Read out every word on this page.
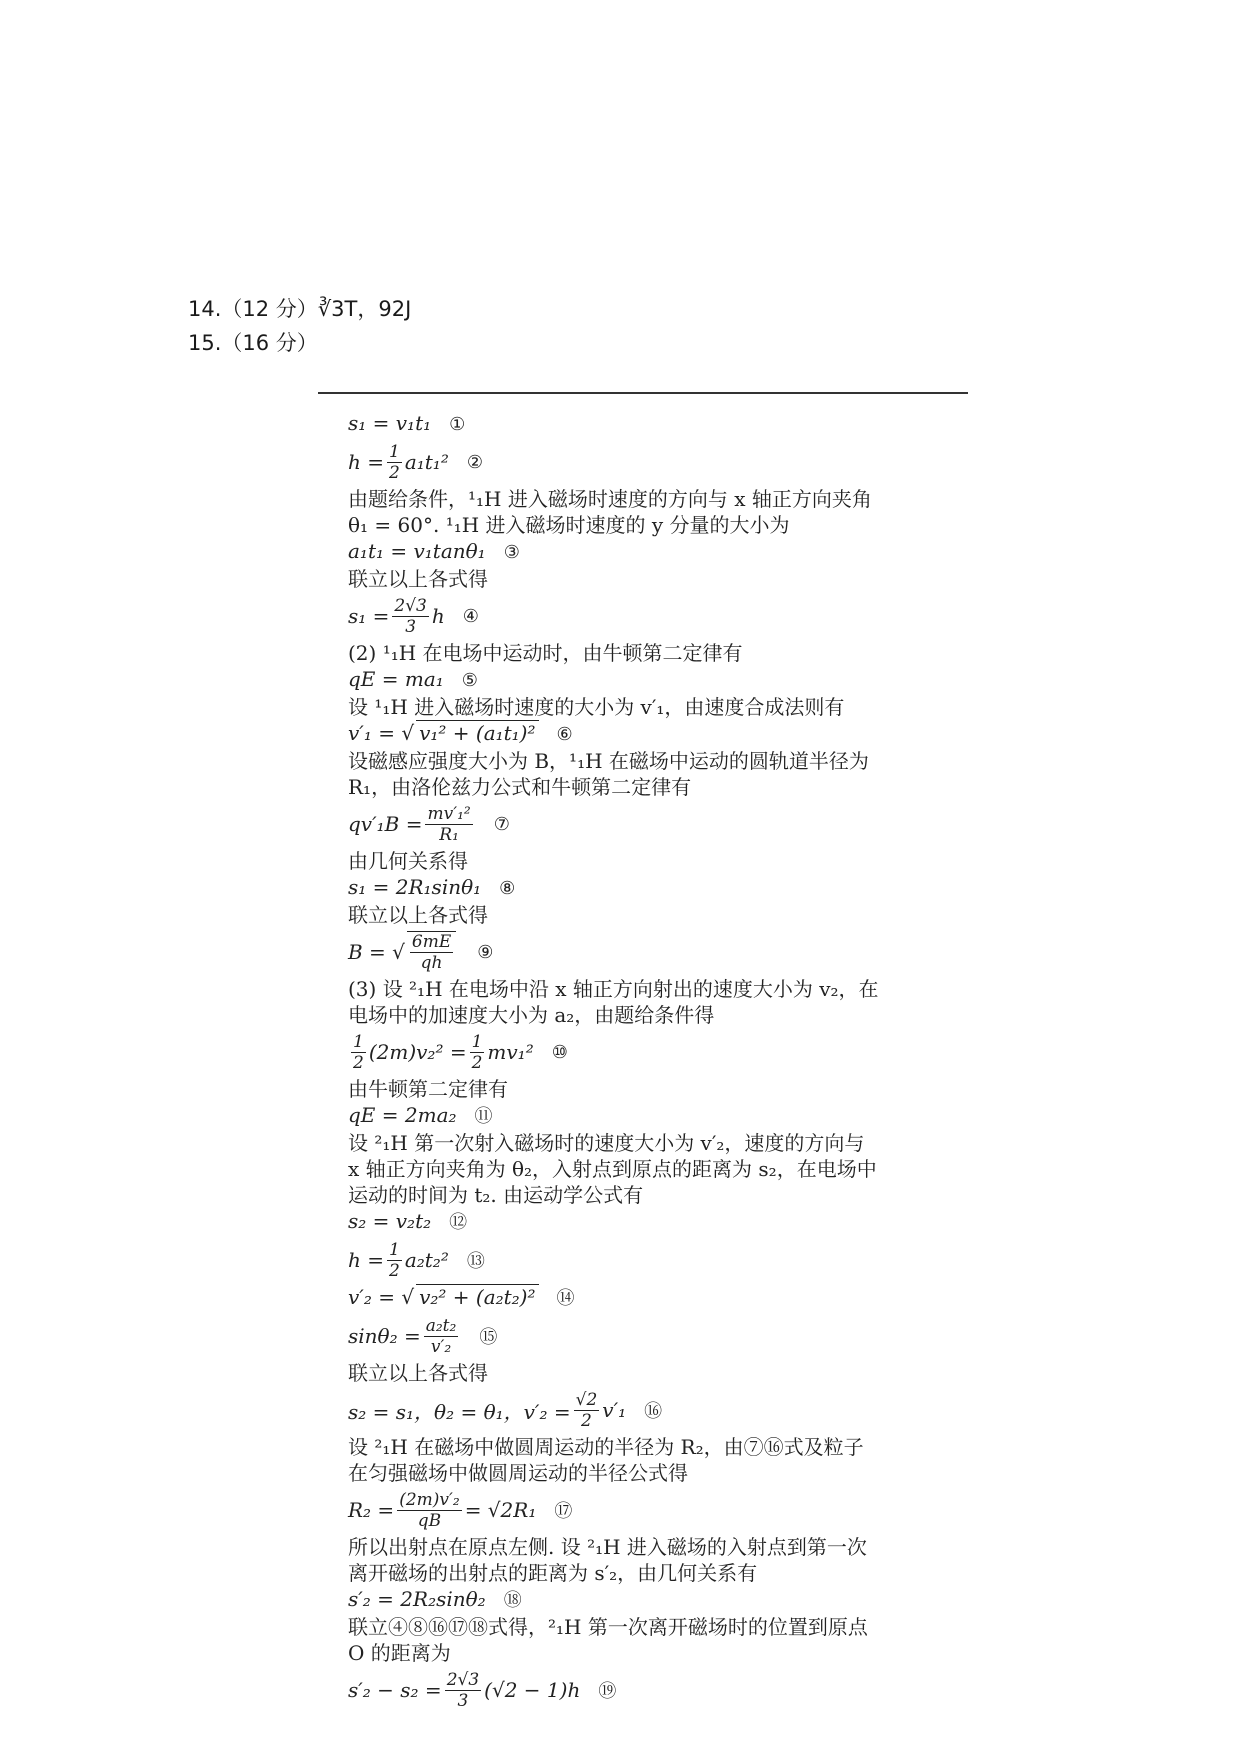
14.（12 分）∛3T，92J
15.（16 分）
s₁ = v₁t₁ ①
$h = \frac{1}{2} a_1t_1^2$ ②
由题给条件，¹₁H 进入磁场时速度的方向与 x 轴正方向夹角
θ₁ = 60°. ¹₁H 进入磁场时速度的 y 分量的大小为
a₁t₁ = v₁tanθ₁ ③
联立以上各式得
$s_1 = \frac{2√3}{3}$ h ④
(2) ¹₁H 在电场中运动时，由牛顿第二定律有
qE = ma₁ ⑤
设 ¹₁H 进入磁场时速度的大小为 v′₁，由速度合成法则有
v′₁ = √ v₁² + (a₁t₁)² ⑥
设磁感应强度大小为 B，¹₁H 在磁场中运动的圆轨道半径为
R₁，由洛伦兹力公式和牛顿第二定律有
$qv'_1B = \frac{\text{mv′₁²}}{\text{R₁}}$ ⑦
由几何关系得
s₁ = 2R₁sinθ₁ ⑧
联立以上各式得
B = √ $\frac{6mE}{qh}$ ⑨
(3) 设 ²₁H 在电场中沿 x 轴正方向射出的速度大小为 v₂，在
电场中的加速度大小为 a₂，由题给条件得
$\frac{1}{2} (2m)v_2^2 = \frac{1}{2} mv_1^2$ ⑩
由牛顿第二定律有
qE = 2ma₂ ⑪
设 ²₁H 第一次射入磁场时的速度大小为 v′₂，速度的方向与
x 轴正方向夹角为 θ₂，入射点到原点的距离为 s₂，在电场中
运动的时间为 t₂. 由运动学公式有
s₂ = v₂t₂ ⑫
$h = \frac{1}{2} a_2t_2^2$ ⑬
v′₂ = √ v₂² + (a₂t₂)² ⑭
$\sin\theta_2 = \frac{\text{a₂t₂}}{\text{v′₂}}$ ⑮
联立以上各式得
s₂ = s₁，θ₂ = θ₁，$v'_2 = \frac{√2}{2} v'_1$ ⑯
设 ²₁H 在磁场中做圆周运动的半径为 R₂，由⑦⑯式及粒子
在匀强磁场中做圆周运动的半径公式得
$R_2 = \frac{\text{(2m)v′₂}}{qB} = √2R_1$ ⑰
所以出射点在原点左侧. 设 ²₁H 进入磁场的入射点到第一次
离开磁场的出射点的距离为 s′₂，由几何关系有
s′₂ = 2R₂sinθ₂ ⑱
联立④⑧⑯⑰⑱式得，²₁H 第一次离开磁场时的位置到原点
O 的距离为
$s'_2 - s_2 = \frac{2√3}{3} (√2 - 1)h$ ⑲
